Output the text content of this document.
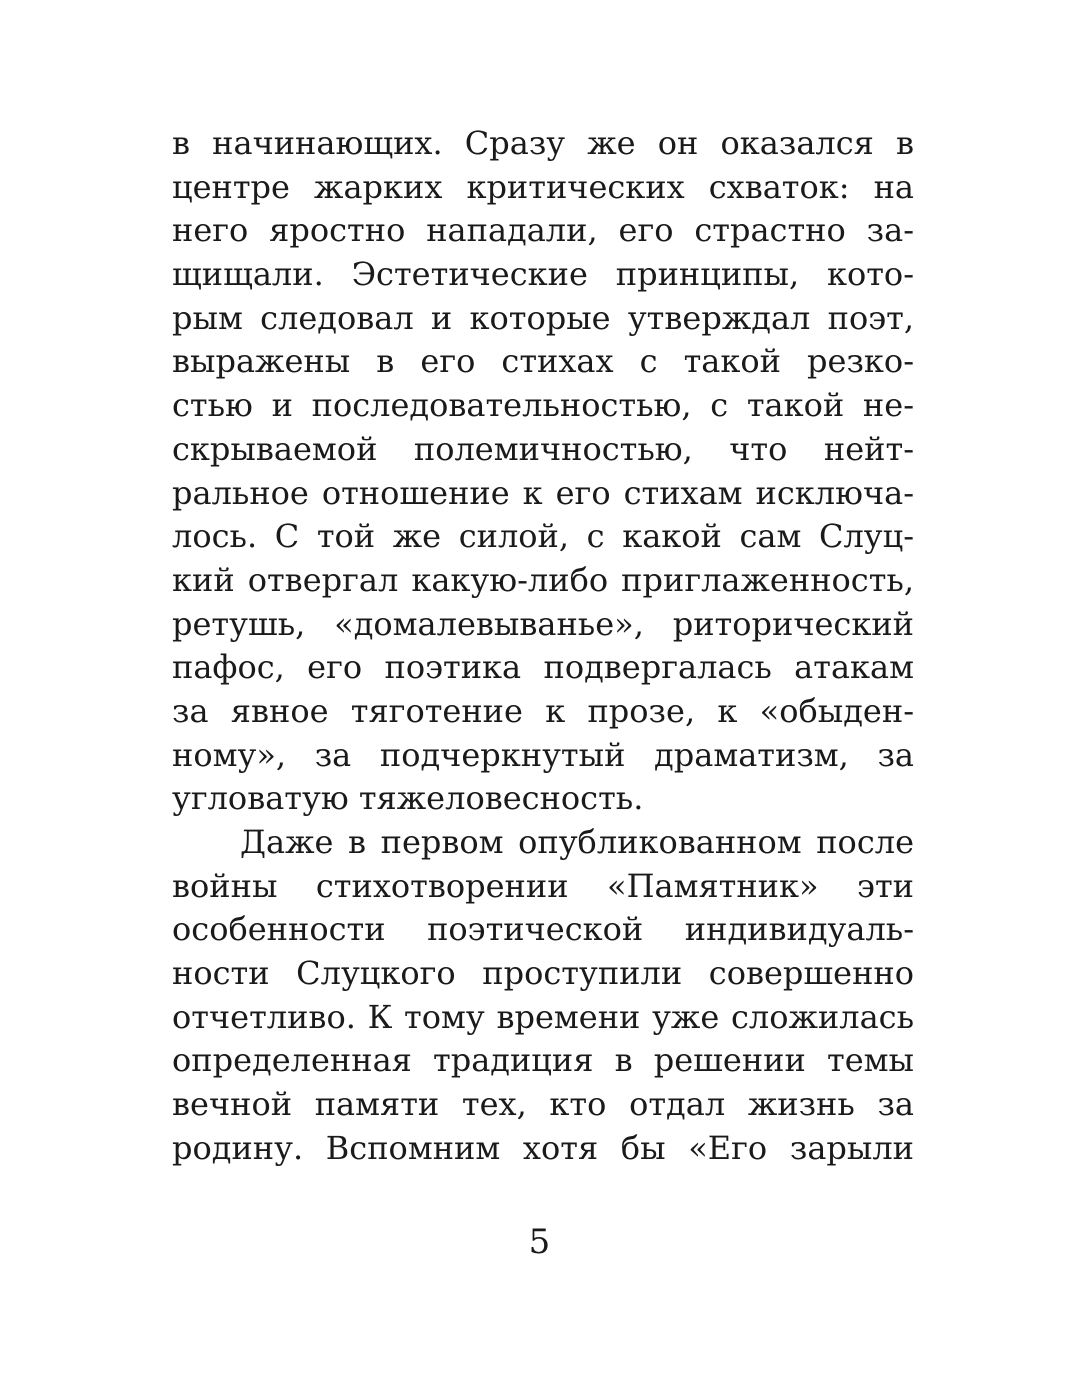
в начинающих. Сразу же он оказался в
центре жарких критических схваток: на
него яростно нападали, его страстно за-
щищали. Эстетические принципы, кото-
рым следовал и которые утверждал поэт,
выражены в его стихах с такой резко-
стью и последовательностью, с такой не-
скрываемой полемичностью, что нейт-
ральное отношение к его стихам исключа-
лось. С той же силой, с какой сам Слуц-
кий отвергал какую-либо приглаженность,
ретушь, «домалевыванье», риторический
пафос, его поэтика подвергалась атакам
за явное тяготение к прозе, к «обыден-
ному», за подчеркнутый драматизм, за
угловатую тяжеловесность.
Даже в первом опубликованном после
войны стихотворении «Памятник» эти
особенности поэтической индивидуаль-
ности Слуцкого проступили совершенно
отчетливо. К тому времени уже сложилась
определенная традиция в решении темы
вечной памяти тех, кто отдал жизнь за
родину. Вспомним хотя бы «Его зарыли
5
